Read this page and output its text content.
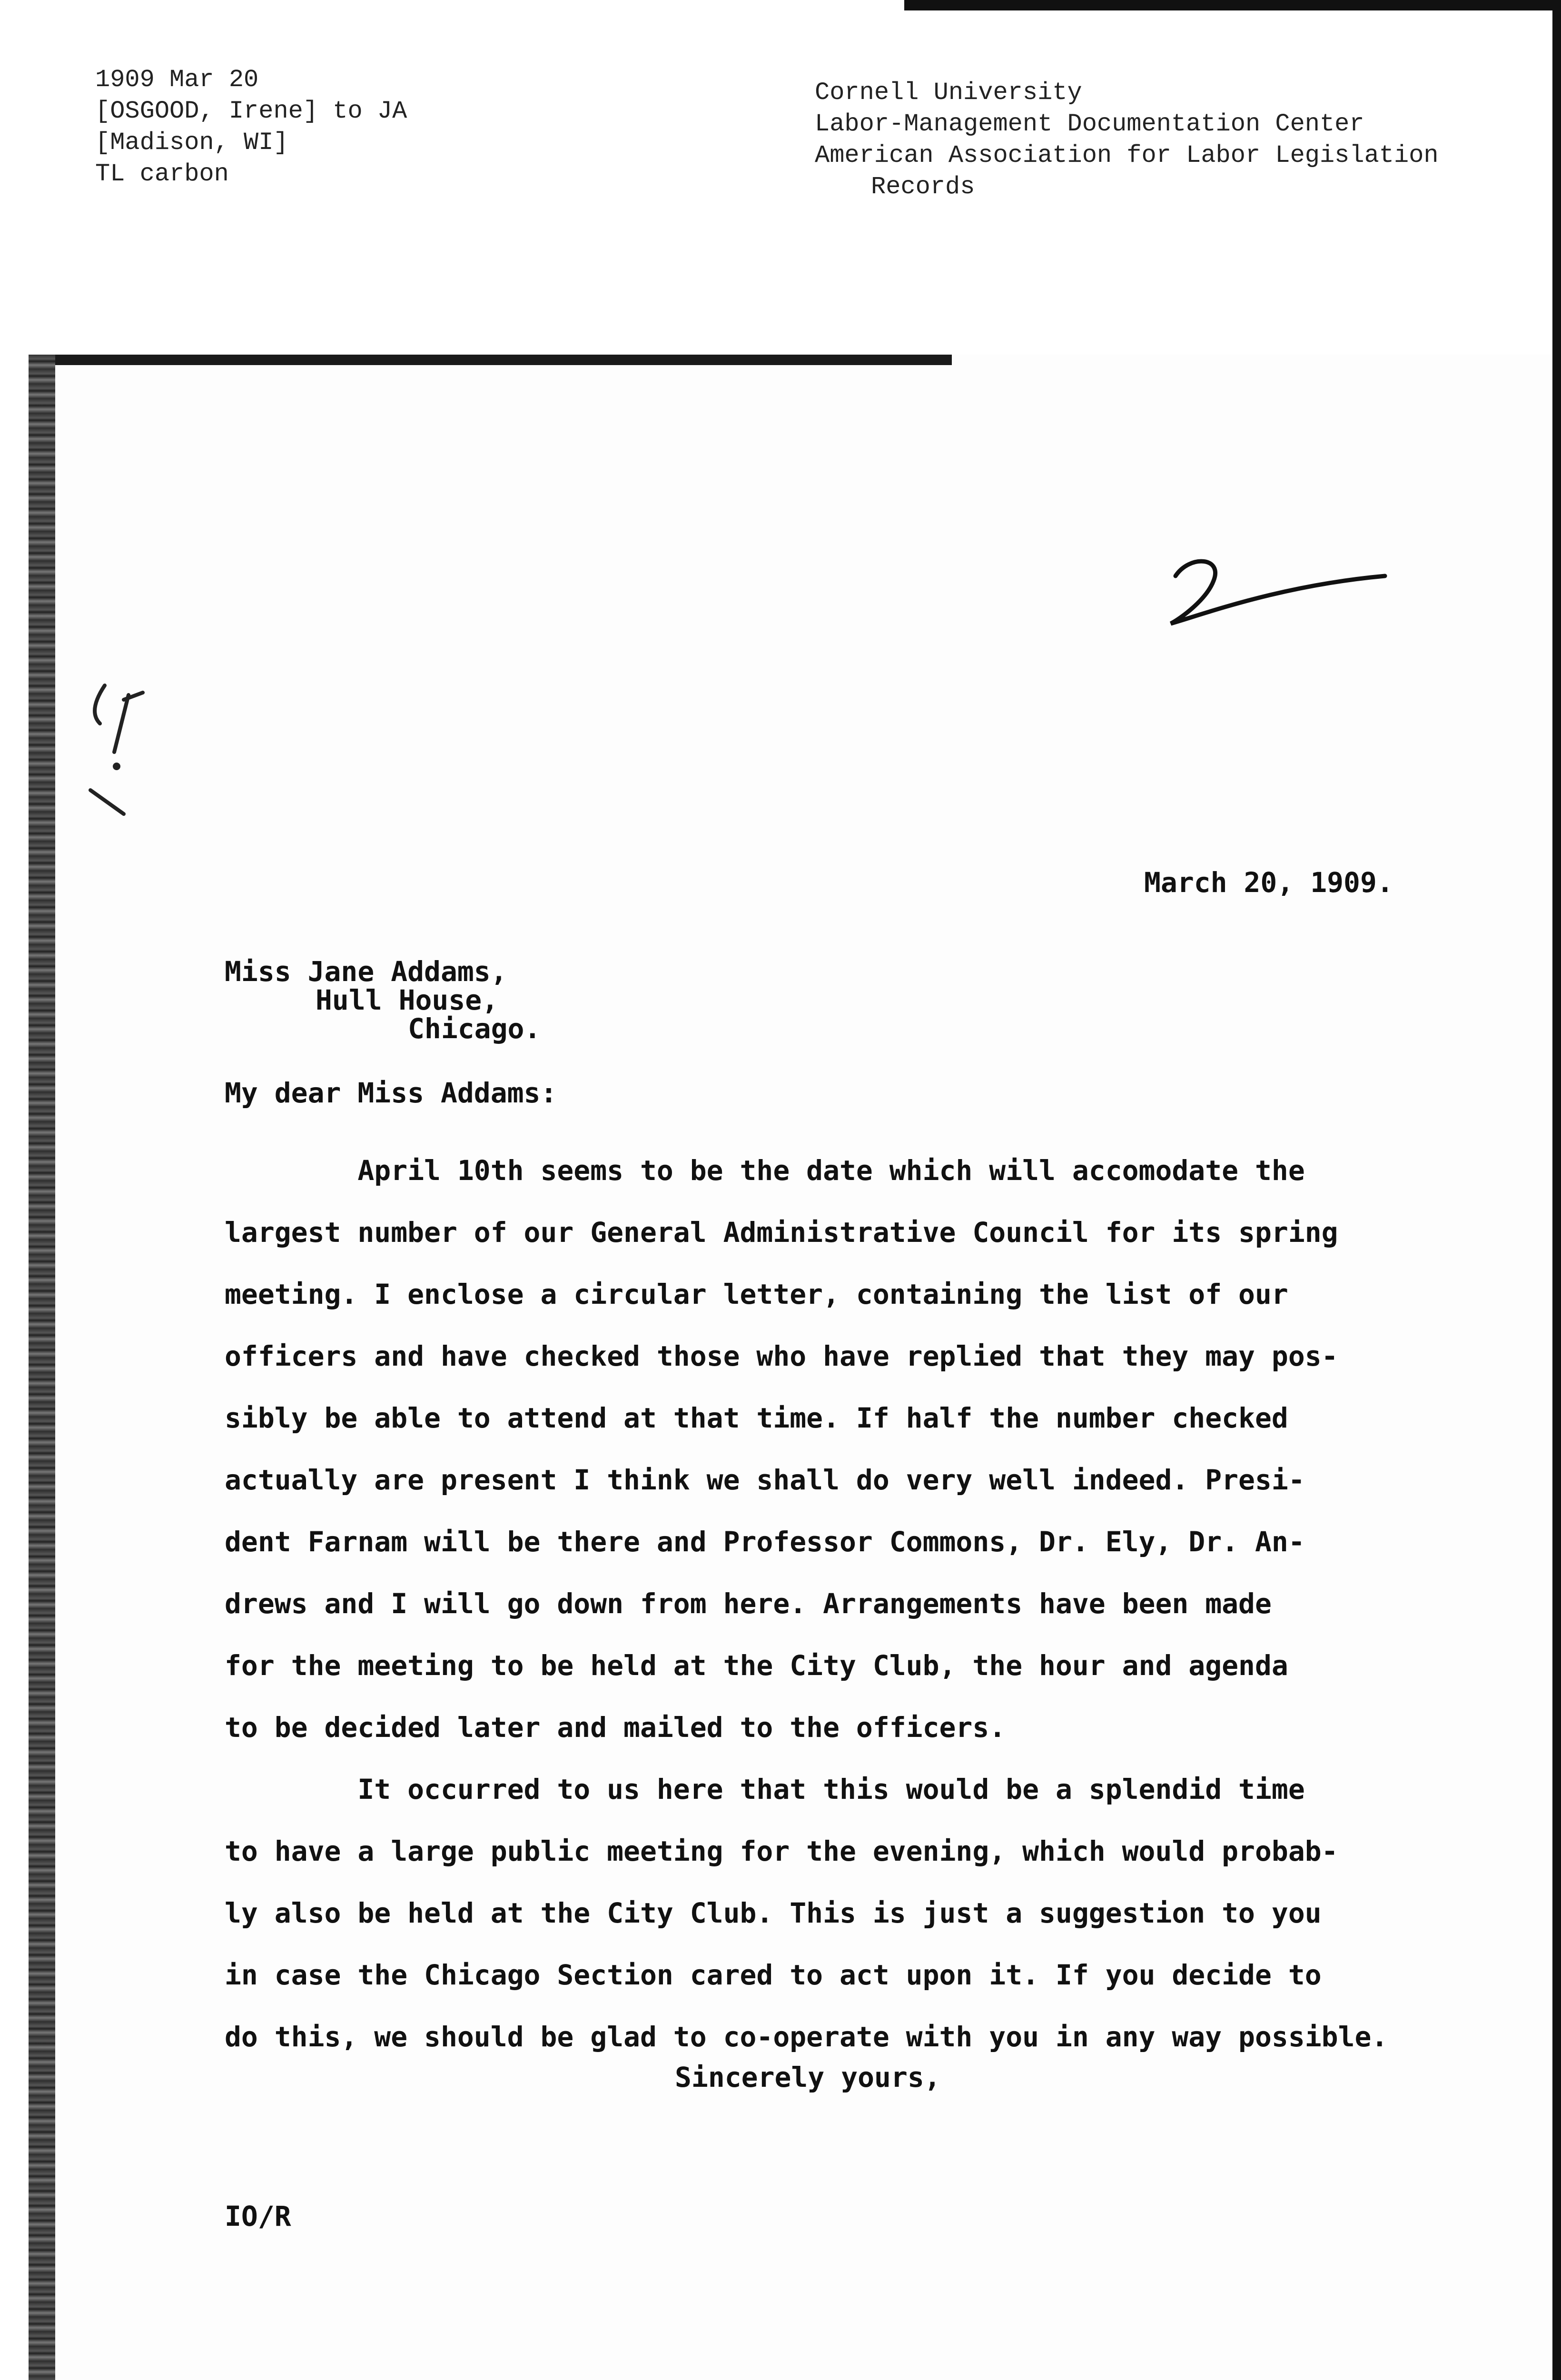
1909 Mar 20
[OSGOOD, Irene] to JA
[Madison, WI]
TL carbon
Cornell University
Labor-Management Documentation Center
American Association for Labor Legislation
Records
March 20, 1909.
Miss Jane Addams,
Hull House,
Chicago.
My dear Miss Addams:
April 10th seems to be the date which will accomodate the
largest number of our General Administrative Council for its spring
meeting. I enclose a circular letter, containing the list of our
officers and have checked those who have replied that they may pos-
sibly be able to attend at that time. If half the number checked
actually are present I think we shall do very well indeed. Presi-
dent Farnam will be there and Professor Commons, Dr. Ely, Dr. An-
drews and I will go down from here. Arrangements have been made
for the meeting to be held at the City Club, the hour and agenda
to be decided later and mailed to the officers.
It occurred to us here that this would be a splendid time
to have a large public meeting for the evening, which would probab-
ly also be held at the City Club. This is just a suggestion to you
in case the Chicago Section cared to act upon it. If you decide to
do this, we should be glad to co-operate with you in any way possible.
Sincerely yours,
IO/R
